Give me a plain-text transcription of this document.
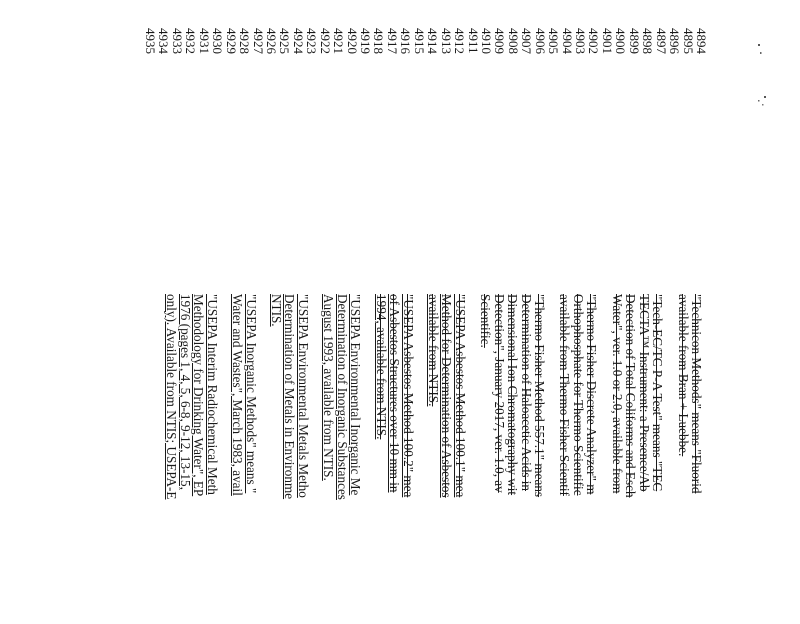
4894
4895
4896
4897
4898
4899
4900
4901
4902
4903
4904
4905
4906
4907
4908
4909
4910
4911
4912
4913
4914
4915
4916
4917
4918
4919
4920
4921
4922
4923
4924
4925
4926
4927
4928
4929
4930
4931
4932
4933
4934
4935
"Technicon Methods" means "Fluorid
available from Bran + Luebbe.
"Tech-EC/TC P-A Test" means "TEC
TECTA™ Instrument: a Presence/Ab
Detection of Total Coliforms and Esch
Water", ver. 1.0 or 2.0, available from
"Thermo Fisher Discrete Analyzer" m
Orthophosphate for Thermo Scientific
available from Thermo Fisher Scientif
"Thermo Fisher Method 557.1" means
Determination of Haloacetic Acids in
Dimensional Ion Chromatography wit
Detection", January 2017, ver. 1.0, av
Scientific.
"USEPA Asbestos Method 100.1" mea
Method for Determination of Asbestos
available from NTIS.
"USEPA Asbestos Method 100.2" mea
of Asbestos Structures over 10 mm in
1994, available from NTIS.
"USEPA Environmental Inorganic Me
Determination of Inorganic Substances
August 1993, available from NTIS.
"USEPA Environmental Metals Metho
Determination of Metals in Environme
NTIS.
"USEPA Inorganic Methods" means "
Water and Wastes", March 1983, avail
"USEPA Interim Radiochemical Meth
Methodology for Drinking Water", EP
1976 (pages 1, 4, 5, 6-8, 9-12, 13-15,
only). Available from NTIS; USEPA-E
